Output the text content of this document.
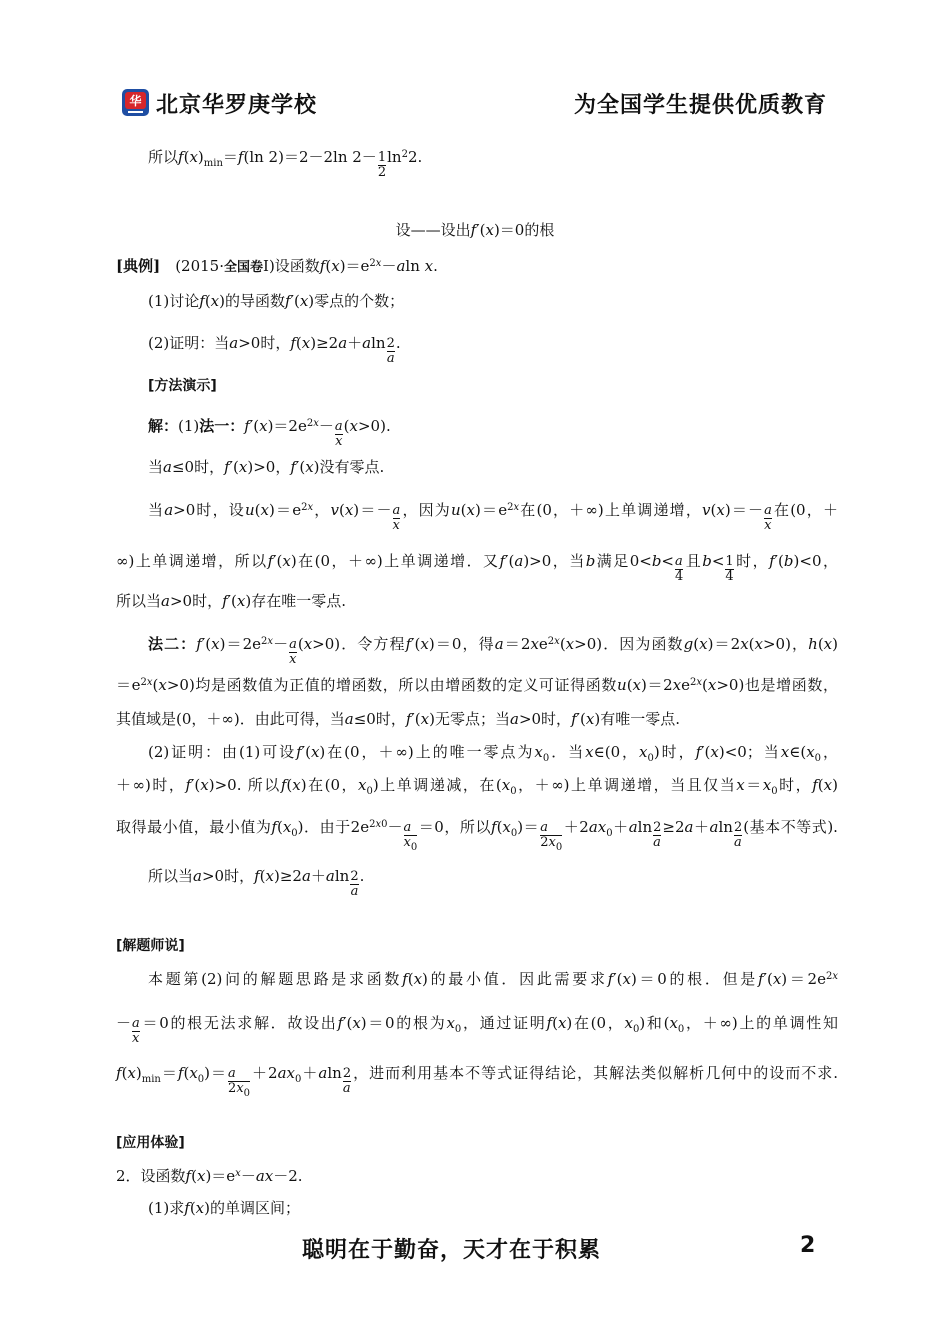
华 北京华罗庚学校	为全国学生提供优质教育
所以$f(x)_{min}=f(\ln$ 2)＝2－2ln $2- \frac{1}{2} \ln^22$.
设——设出f′(x)＝0的根
[典例]　(2015·全国卷Ⅰ)设函数$f(x)=e^{2x}-aln$ x.
(1)讨论f(x)的导函数f′(x)零点的个数；
(2)证明：当a>0时，$f(x)\ge 2a+aln \frac{2}{a}$ .
[方法演示]
解：(1)法一：$f'(x)=2e^{2x}- \frac{a}{x} (x>0)$.
当a≤0时，f′(x)>0，f′(x)没有零点.
当a>0时，设$u(x)=e^{2x}$，$v(x)=- \frac{a}{x}$ ，因为$u(x)=e^{2x}$在(0，＋∞)上单调递增，$v(x)=- \frac{a}{x}$ 在(0，＋
∞)上单调递增，所以f′(x)在(0，＋∞)上单调递增．又f′(a)>0，当b满足$0<b< \frac{a}{4}$ 且$b< \frac{1}{4}$ 时，f′(b)<0，
所以当a>0时，f′(x)存在唯一零点.
法二：$f'(x)=2e^{2x}- \frac{a}{x} (x>0)$．令方程f′(x)＝0，得$a=2xe^{2x}(x>0)$．因为函数g(x)＝2x(x>0)，h(x)
$=e^{2x}(x>0)$均是函数值为正值的增函数，所以由增函数的定义可证得函数$u(x)=2xe^{2x}(x>0)$也是增函数，
其值域是(0，＋∞)．由此可得，当a≤0时，f′(x)无零点；当a>0时，f′(x)有唯一零点.
(2)证明：由(1)可设f′(x)在(0，＋∞)上的唯一零点为$x_0$．当x∈(0，$x_0$)时，f′(x)<0；当$x\in(x_0$，
＋∞)时，f′(x)>0. 所以f(x)在(0，$x_0$)上单调递减，在($x_0$，＋∞)上单调递增，当且仅当$x=x_0$时，f(x)
取得最小值，最小值为$f(x_0)$．由于$2e^{2x0}- \frac{a}{x_0} =0$，所以$f(x_0)= \frac{a}{2x_0} +2ax_0+aln \frac{2}{a} \ge 2a+aln \frac{2}{a}$ (基本不等式).
所以当a>0时，$f(x)\ge 2a+aln \frac{2}{a}$ .
[解题师说]
本题第(2)问的解题思路是求函数f(x)的最小值．因此需要求f′(x)＝0的根．但是$f'(x)=2e^{2x}$
－ $\frac{a}{x} =0$的根无法求解．故设出f′(x)＝0的根为$x_0$，通过证明f(x)在(0，$x_0$)和($x_0$，＋∞)上的单调性知
$f(x)_{min}=f(x_0)= \frac{a}{2x_0} +2ax_0+aln \frac{2}{a}$ ，进而利用基本不等式证得结论，其解法类似解析几何中的设而不求.
[应用体验]
2．设函数$f(x)=e^x-ax-2$.
(1)求f(x)的单调区间；
聪明在于勤奋，天才在于积累	2
